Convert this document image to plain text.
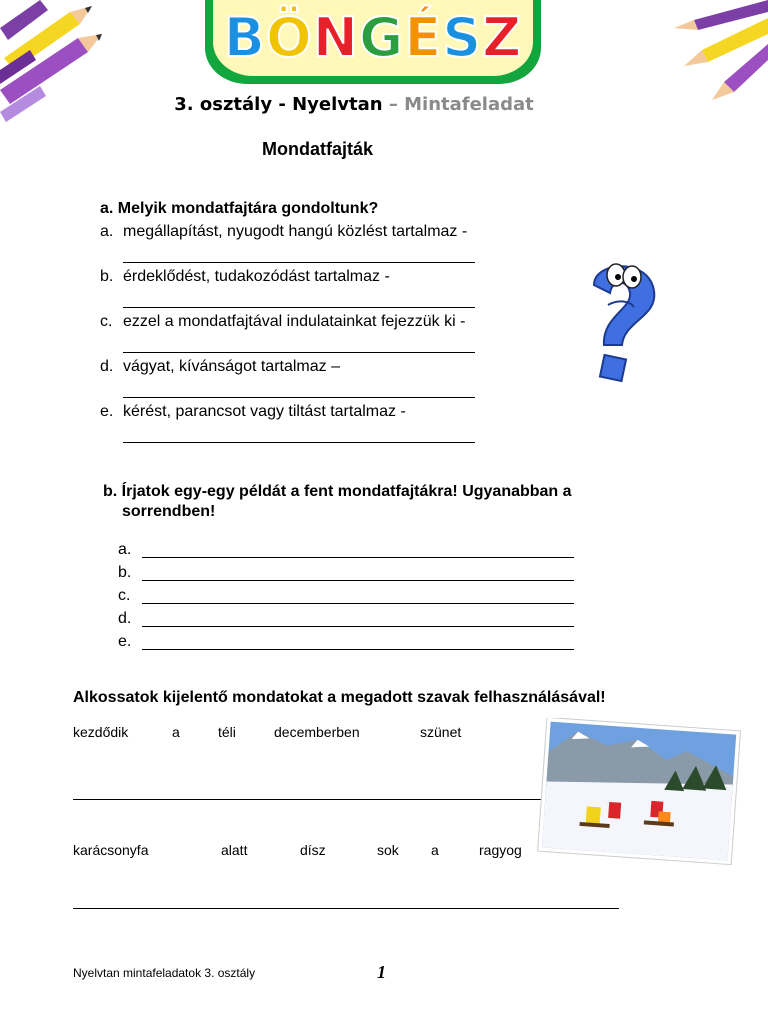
BÖNGÉSZ
3. osztály - Nyelvtan – Mintafeladat
Mondatfajták
a. Melyik mondatfajtára gondoltunk?
a. megállapítást, nyugodt hangú közlést tartalmaz -
b. érdeklődést, tudakozódást tartalmaz -
c. ezzel a mondatfajtával indulatainkat fejezzük ki -
d. vágyat, kívánságot tartalmaz –
e. kérést, parancsot vagy tiltást tartalmaz -
b. Írjatok egy-egy példát a fent mondatfajtákra! Ugyanabban a
sorrendben!
a.
b.
c.
d.
e.
Alkossatok kijelentő mondatokat a megadott szavak felhasználásával!
kezdődik	a	téli	decemberben	szünet
karácsonyfa	alatt	dísz	sok a	ragyog
Nyelvtan mintafeladatok 3. osztály	1
